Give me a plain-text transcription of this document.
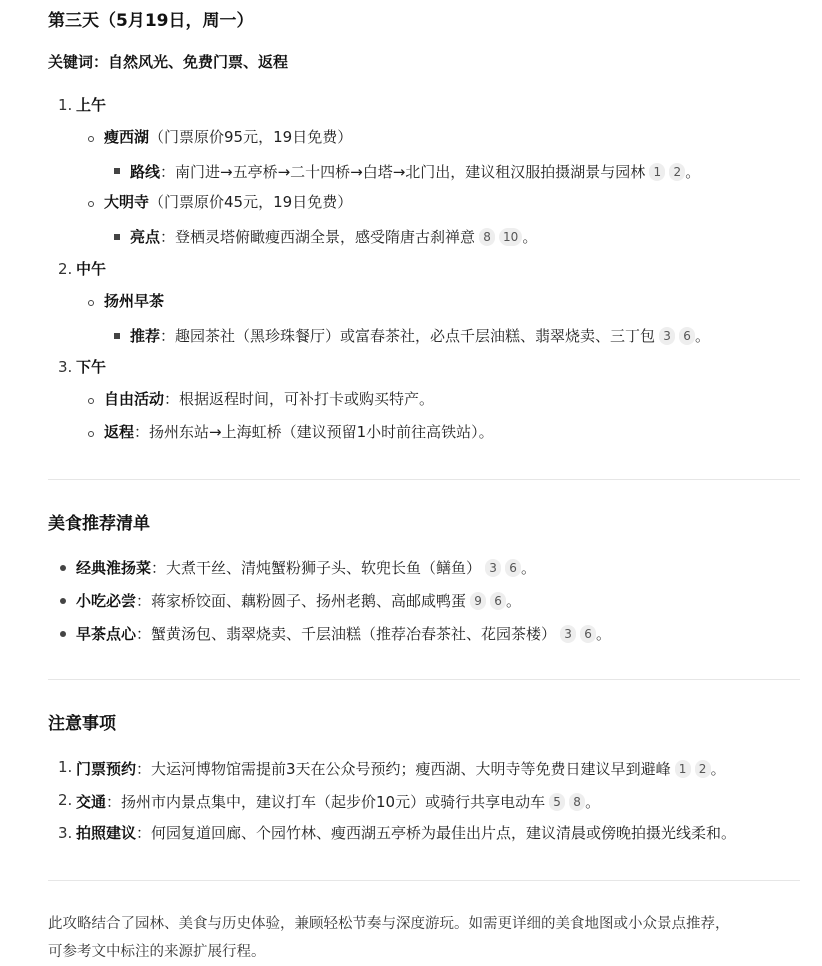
第三天（5月19日，周一）
关键词：自然风光、免费门票、返程
1. 上午
瘦西湖（门票原价95元，19日免费）
路线：南门进→五亭桥→二十四桥→白塔→北门出，建议租汉服拍摄湖景与园林 1 2 。
大明寺（门票原价45元，19日免费）
亮点：登栖灵塔俯瞰瘦西湖全景，感受隋唐古刹禅意 8 10 。
2. 中午
扬州早茶
推荐：趣园茶社（黑珍珠餐厅）或富春茶社，必点千层油糕、翡翠烧卖、三丁包 3 6 。
3. 下午
自由活动：根据返程时间，可补打卡或购买特产。
返程：扬州东站→上海虹桥（建议预留1小时前往高铁站）。
美食推荐清单
经典淮扬菜：大煮干丝、清炖蟹粉狮子头、软兜长鱼（鳝鱼） 3 6 。
小吃必尝：蒋家桥饺面、藕粉圆子、扬州老鹅、高邮咸鸭蛋 9 6 。
早茶点心：蟹黄汤包、翡翠烧卖、千层油糕（推荐冶春茶社、花园茶楼） 3 6 。
注意事项
1. 门票预约：大运河博物馆需提前3天在公众号预约；瘦西湖、大明寺等免费日建议早到避峰 1 2 。
2. 交通：扬州市内景点集中，建议打车（起步价10元）或骑行共享电动车 5 8 。
3. 拍照建议：何园复道回廊、个园竹林、瘦西湖五亭桥为最佳出片点，建议清晨或傍晚拍摄光线柔和。
此攻略结合了园林、美食与历史体验，兼顾轻松节奏与深度游玩。如需更详细的美食地图或小众景点推荐，
可参考文中标注的来源扩展行程。
